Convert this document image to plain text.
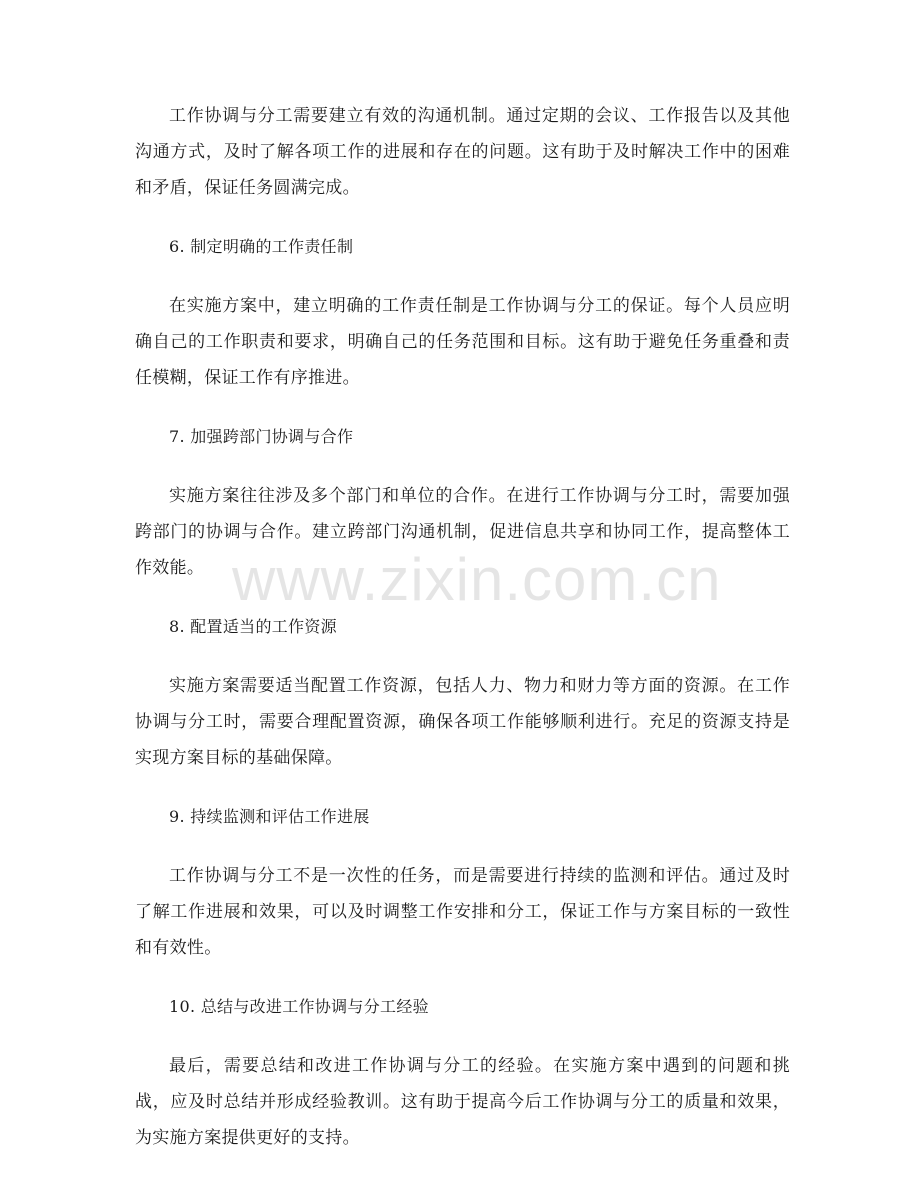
工作协调与分工需要建立有效的沟通机制。通过定期的会议、工作报告以及其他沟通方式，及时了解各项工作的进展和存在的问题。这有助于及时解决工作中的困难和矛盾，保证任务圆满完成。

6. 制定明确的工作责任制

在实施方案中，建立明确的工作责任制是工作协调与分工的保证。每个人员应明确自己的工作职责和要求，明确自己的任务范围和目标。这有助于避免任务重叠和责任模糊，保证工作有序推进。

7. 加强跨部门协调与合作

实施方案往往涉及多个部门和单位的合作。在进行工作协调与分工时，需要加强跨部门的协调与合作。建立跨部门沟通机制，促进信息共享和协同工作，提高整体工作效能。

8. 配置适当的工作资源

实施方案需要适当配置工作资源，包括人力、物力和财力等方面的资源。在工作协调与分工时，需要合理配置资源，确保各项工作能够顺利进行。充足的资源支持是实现方案目标的基础保障。

9. 持续监测和评估工作进展

工作协调与分工不是一次性的任务，而是需要进行持续的监测和评估。通过及时了解工作进展和效果，可以及时调整工作安排和分工，保证工作与方案目标的一致性和有效性。

10. 总结与改进工作协调与分工经验

最后，需要总结和改进工作协调与分工的经验。在实施方案中遇到的问题和挑战，应及时总结并形成经验教训。这有助于提高今后工作协调与分工的质量和效果，为实施方案提供更好的支持。

www.zixin.com.cn
